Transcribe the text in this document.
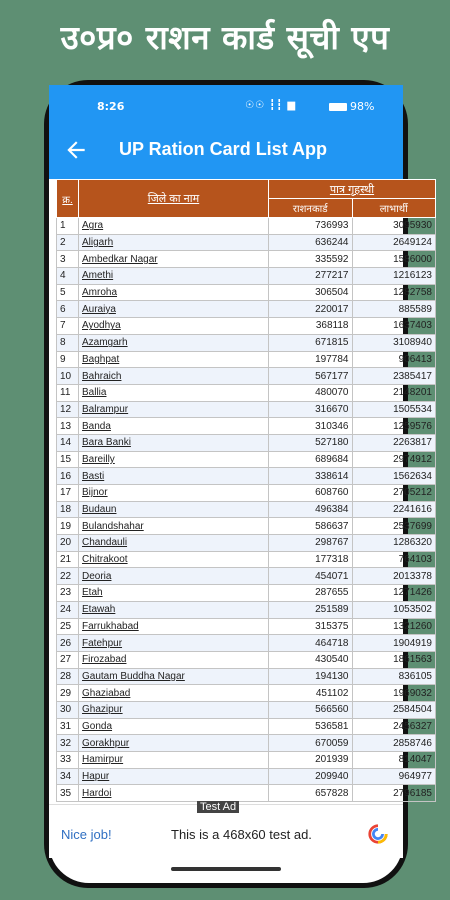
उ०प्र० राशन कार्ड सूची एप
8:26	☉☉ ┇┇ ▆	98%
UP Ration Card List App
क्र.	जिले का नाम	पात्र गृहस्थी	
		राशनकार्ड	लाभार्थी
1	Agra	736993	3095930
2	Aligarh	636244	2649124
3	Ambedkar Nagar	335592	1586000
4	Amethi	277217	1216123
5	Amroha	306504	1282758
6	Auraiya	220017	885589
7	Ayodhya	368118	1637403
8	Azamgarh	671815	3108940
9	Baghpat	197784	906413
10	Bahraich	567177	2385417
11	Ballia	480070	2148201
12	Balrampur	316670	1505534
13	Banda	310346	1259576
14	Bara Banki	527180	2263817
15	Bareilly	689684	2974912
16	Basti	338614	1562634
17	Bijnor	608760	2705212
18	Budaun	496384	2241616
19	Bulandshahar	586637	2537699
20	Chandauli	298767	1286320
21	Chitrakoot	177318	764103
22	Deoria	454071	2013378
23	Etah	287655	1271426
24	Etawah	251589	1053502
25	Farrukhabad	315375	1321260
26	Fatehpur	464718	1904919
27	Firozabad	430540	1861563
28	Gautam Buddha Nagar	194130	836105
29	Ghaziabad	451102	1969032
30	Ghazipur	566560	2584504
31	Gonda	536581	2456327
32	Gorakhpur	670059	2858746
33	Hamirpur	201939	814047
34	Hapur	209940	964977
35	Hardoi	657828	2796185
Test Ad
Nice job!	This is a 468x60 test ad.
